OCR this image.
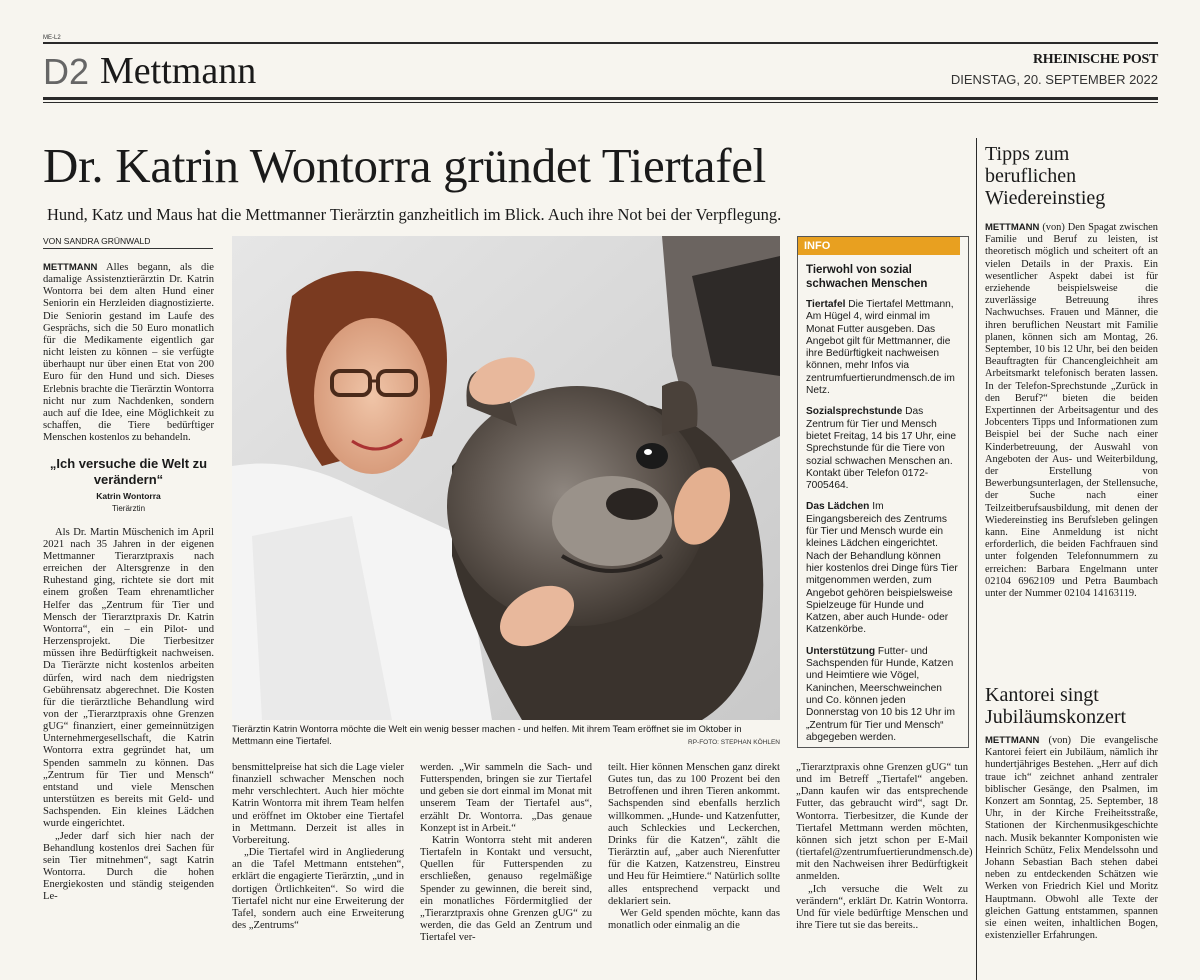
ME-L2
D2 Mettmann	RHEINISCHE POST
DIENSTAG, 20. SEPTEMBER 2022
Dr. Katrin Wontorra gründet Tiertafel
Hund, Katz und Maus hat die Mettmanner Tierärztin ganzheitlich im Blick. Auch ihre Not bei der Verpflegung.
VON SANDRA GRÜNWALD

METTMANN Alles begann, als die damalige Assistenztierärztin Dr. Katrin Wontorra bei dem alten Hund einer Seniorin ein Herzleiden diagnostizierte. Die Seniorin gestand im Laufe des Gesprächs, sich die 50 Euro monatlich für die Medikamente eigentlich gar nicht leisten zu können – sie verfügte überhaupt nur über einen Etat von 200 Euro für den Hund und sich. Dieses Erlebnis brachte die Tierärztin Wontorra nicht nur zum Nachdenken, sondern auch auf die Idee, eine Möglichkeit zu schaffen, die Tiere bedürftiger Menschen kostenlos zu behandeln.

„Ich versuche die Welt zu verändern“
Katrin Wontorra
Tierärztin

Als Dr. Martin Müschenich im April 2021 nach 35 Jahren in der eigenen Mettmanner Tierarztpraxis nach erreichen der Altersgrenze in den Ruhestand ging, richtete sie dort mit einem großen Team ehrenamtlicher Helfer das „Zentrum für Tier und Mensch der Tierarztpraxis Dr. Katrin Wontorra“, ein – ein Pilot- und Herzensprojekt. Die Tierbesitzer müssen ihre Bedürftigkeit nachweisen. Da Tierärzte nicht kostenlos arbeiten dürfen, wird nach dem niedrigsten Gebührensatz abgerechnet. Die Kosten für die tierärztliche Behandlung wird von der „Tierarztpraxis ohne Grenzen gUG“ finanziert, einer gemeinnützigen Unternehmergesellschaft, die Katrin Wontorra extra gegründet hat, um Spenden sammeln zu können. Das „Zentrum für Tier und Mensch“ entstand und viele Menschen unterstützen es bereits mit Geld- und Sachspenden. Ein kleines Lädchen wurde eingerichtet.

„Jeder darf sich hier nach der Behandlung kostenlos drei Sachen für sein Tier mitnehmen“, sagt Katrin Wontorra. Durch die hohen Energiekosten und ständig steigenden Le-

Tierärztin Katrin Wontorra möchte die Welt ein wenig besser machen - und helfen. Mit ihrem Team eröffnet sie im Oktober in Mettmann eine Tiertafel.	RP-FOTO: STEPHAN KÖHLEN

bensmittelpreise hat sich die Lage vieler finanziell schwacher Menschen noch mehr verschlechtert. Auch hier möchte Katrin Wontorra mit ihrem Team helfen und eröffnet im Oktober eine Tiertafel in Mettmann. Derzeit ist alles in Vorbereitung.

„Die Tiertafel wird in Angliederung an die Tafel Mettmann entstehen“, erklärt die engagierte Tierärztin, „und in dortigen Örtlichkeiten“. So wird die Tiertafel nicht nur eine Erweiterung der Tafel, sondern auch eine Erweiterung des „Zentrums“

werden. „Wir sammeln die Sach- und Futterspenden, bringen sie zur Tiertafel und geben sie dort einmal im Monat mit unserem Team der Tiertafel aus“, erzählt Dr. Wontorra. „Das genaue Konzept ist in Arbeit.“

Katrin Wontorra steht mit anderen Tiertafeln in Kontakt und versucht, Quellen für Futterspenden zu erschließen, genauso regelmäßige Spender zu gewinnen, die bereit sind, ein monatliches Fördermitglied der „Tierarztpraxis ohne Grenzen gUG“ zu werden, die das Geld an Zentrum und Tiertafel ver-

teilt. Hier können Menschen ganz direkt Gutes tun, das zu 100 Prozent bei den Betroffenen und ihren Tieren ankommt. Sachspenden sind ebenfalls herzlich willkommen. „Hunde- und Katzenfutter, auch Schleckies und Leckerchen, Drinks für die Katzen“, zählt die Tierärztin auf, „aber auch Nierenfutter für die Katzen, Katzenstreu, Einstreu und Heu für Heimtiere.“ Natürlich sollte alles entsprechend verpackt und deklariert sein.

Wer Geld spenden möchte, kann das monatlich oder einmalig an die

„Tierarztpraxis ohne Grenzen gUG“ tun und im Betreff „Tiertafel“ angeben. „Dann kaufen wir das entsprechende Futter, das gebraucht wird“, sagt Dr. Wontorra. Tierbesitzer, die Kunde der Tiertafel Mettmann werden möchten, können sich jetzt schon per E-Mail (tiertafel@zentrumfuertierundmensch.de) mit den Nachweisen ihrer Bedürftigkeit anmelden.

„Ich versuche die Welt zu verändern“, erklärt Dr. Katrin Wontorra. Und für viele bedürftige Menschen und ihre Tiere tut sie das bereits..

INFO
Tierwohl von sozial schwachen Menschen

Tiertafel Die Tiertafel Mettmann, Am Hügel 4, wird einmal im Monat Futter ausgeben. Das Angebot gilt für Mettmanner, die ihre Bedürftigkeit nachweisen können, mehr Infos via zentrumfuertierundmensch.de im Netz.

Sozialsprechstunde Das Zentrum für Tier und Mensch bietet Freitag, 14 bis 17 Uhr, eine Sprechstunde für die Tiere von sozial schwachen Menschen an. Kontakt über Telefon 0172-7005464.

Das Lädchen Im Eingangsbereich des Zentrums für Tier und Mensch wurde ein kleines Lädchen eingerichtet. Nach der Behandlung können hier kostenlos drei Dinge fürs Tier mitgenommen werden, zum Angebot gehören beispielsweise Spielzeuge für Hunde und Katzen, aber auch Hunde- oder Katzenkörbe.

Unterstützung Futter- und Sachspenden für Hunde, Katzen und Heimtiere wie Vögel, Kaninchen, Meerschweinchen und Co. können jeden Donnerstag von 10 bis 12 Uhr im „Zentrum für Tier und Mensch“ abgegeben werden.

Tipps zum beruflichen Wiedereinstieg

METTMANN (von) Den Spagat zwischen Familie und Beruf zu leisten, ist theoretisch möglich und scheitert oft an vielen Details in der Praxis. Ein wesentlicher Aspekt dabei ist für erziehende beispielsweise die zuverlässige Betreuung ihres Nachwuchses. Frauen und Männer, die ihren beruflichen Neustart mit Familie planen, können sich am Montag, 26. September, 10 bis 12 Uhr, bei den beiden Beauftragten für Chancengleichheit am Arbeitsmarkt telefonisch beraten lassen. In der Telefon-Sprechstunde „Zurück in den Beruf?“ bieten die beiden Expertinnen der Arbeitsagentur und des Jobcenters Tipps und Informationen zum Beispiel bei der Suche nach einer Kinderbetreuung, der Auswahl von Angeboten der Aus- und Weiterbildung, der Erstellung von Bewerbungsunterlagen, der Stellensuche, der Suche nach einer Teilzeitberufsausbildung, mit denen der Wiedereinstieg ins Berufsleben gelingen kann. Eine Anmeldung ist nicht erforderlich, die beiden Fachfrauen sind unter folgenden Telefonnummern zu erreichen: Barbara Engelmann unter 02104 6962109 und Petra Baumbach unter der Nummer 02104 14163119.

Kantorei singt Jubiläumskonzert

METTMANN (von) Die evangelische Kantorei feiert ein Jubiläum, nämlich ihr hundertjähriges Bestehen. „Herr auf dich traue ich“ zeichnet anhand zentraler biblischer Gesänge, den Psalmen, im Konzert am Sonntag, 25. September, 18 Uhr, in der Kirche Freiheitsstraße, Stationen der Kirchenmusikgeschichte nach. Musik bekannter Komponisten wie Heinrich Schütz, Felix Mendelssohn und Johann Sebastian Bach stehen dabei neben zu entdeckenden Schätzen wie Werken von Friedrich Kiel und Moritz Hauptmann. Obwohl alle Texte der gleichen Gattung entstammen, spannen sie einen weiten, inhaltlichen Bogen, existenzieller Erfahrungen.
